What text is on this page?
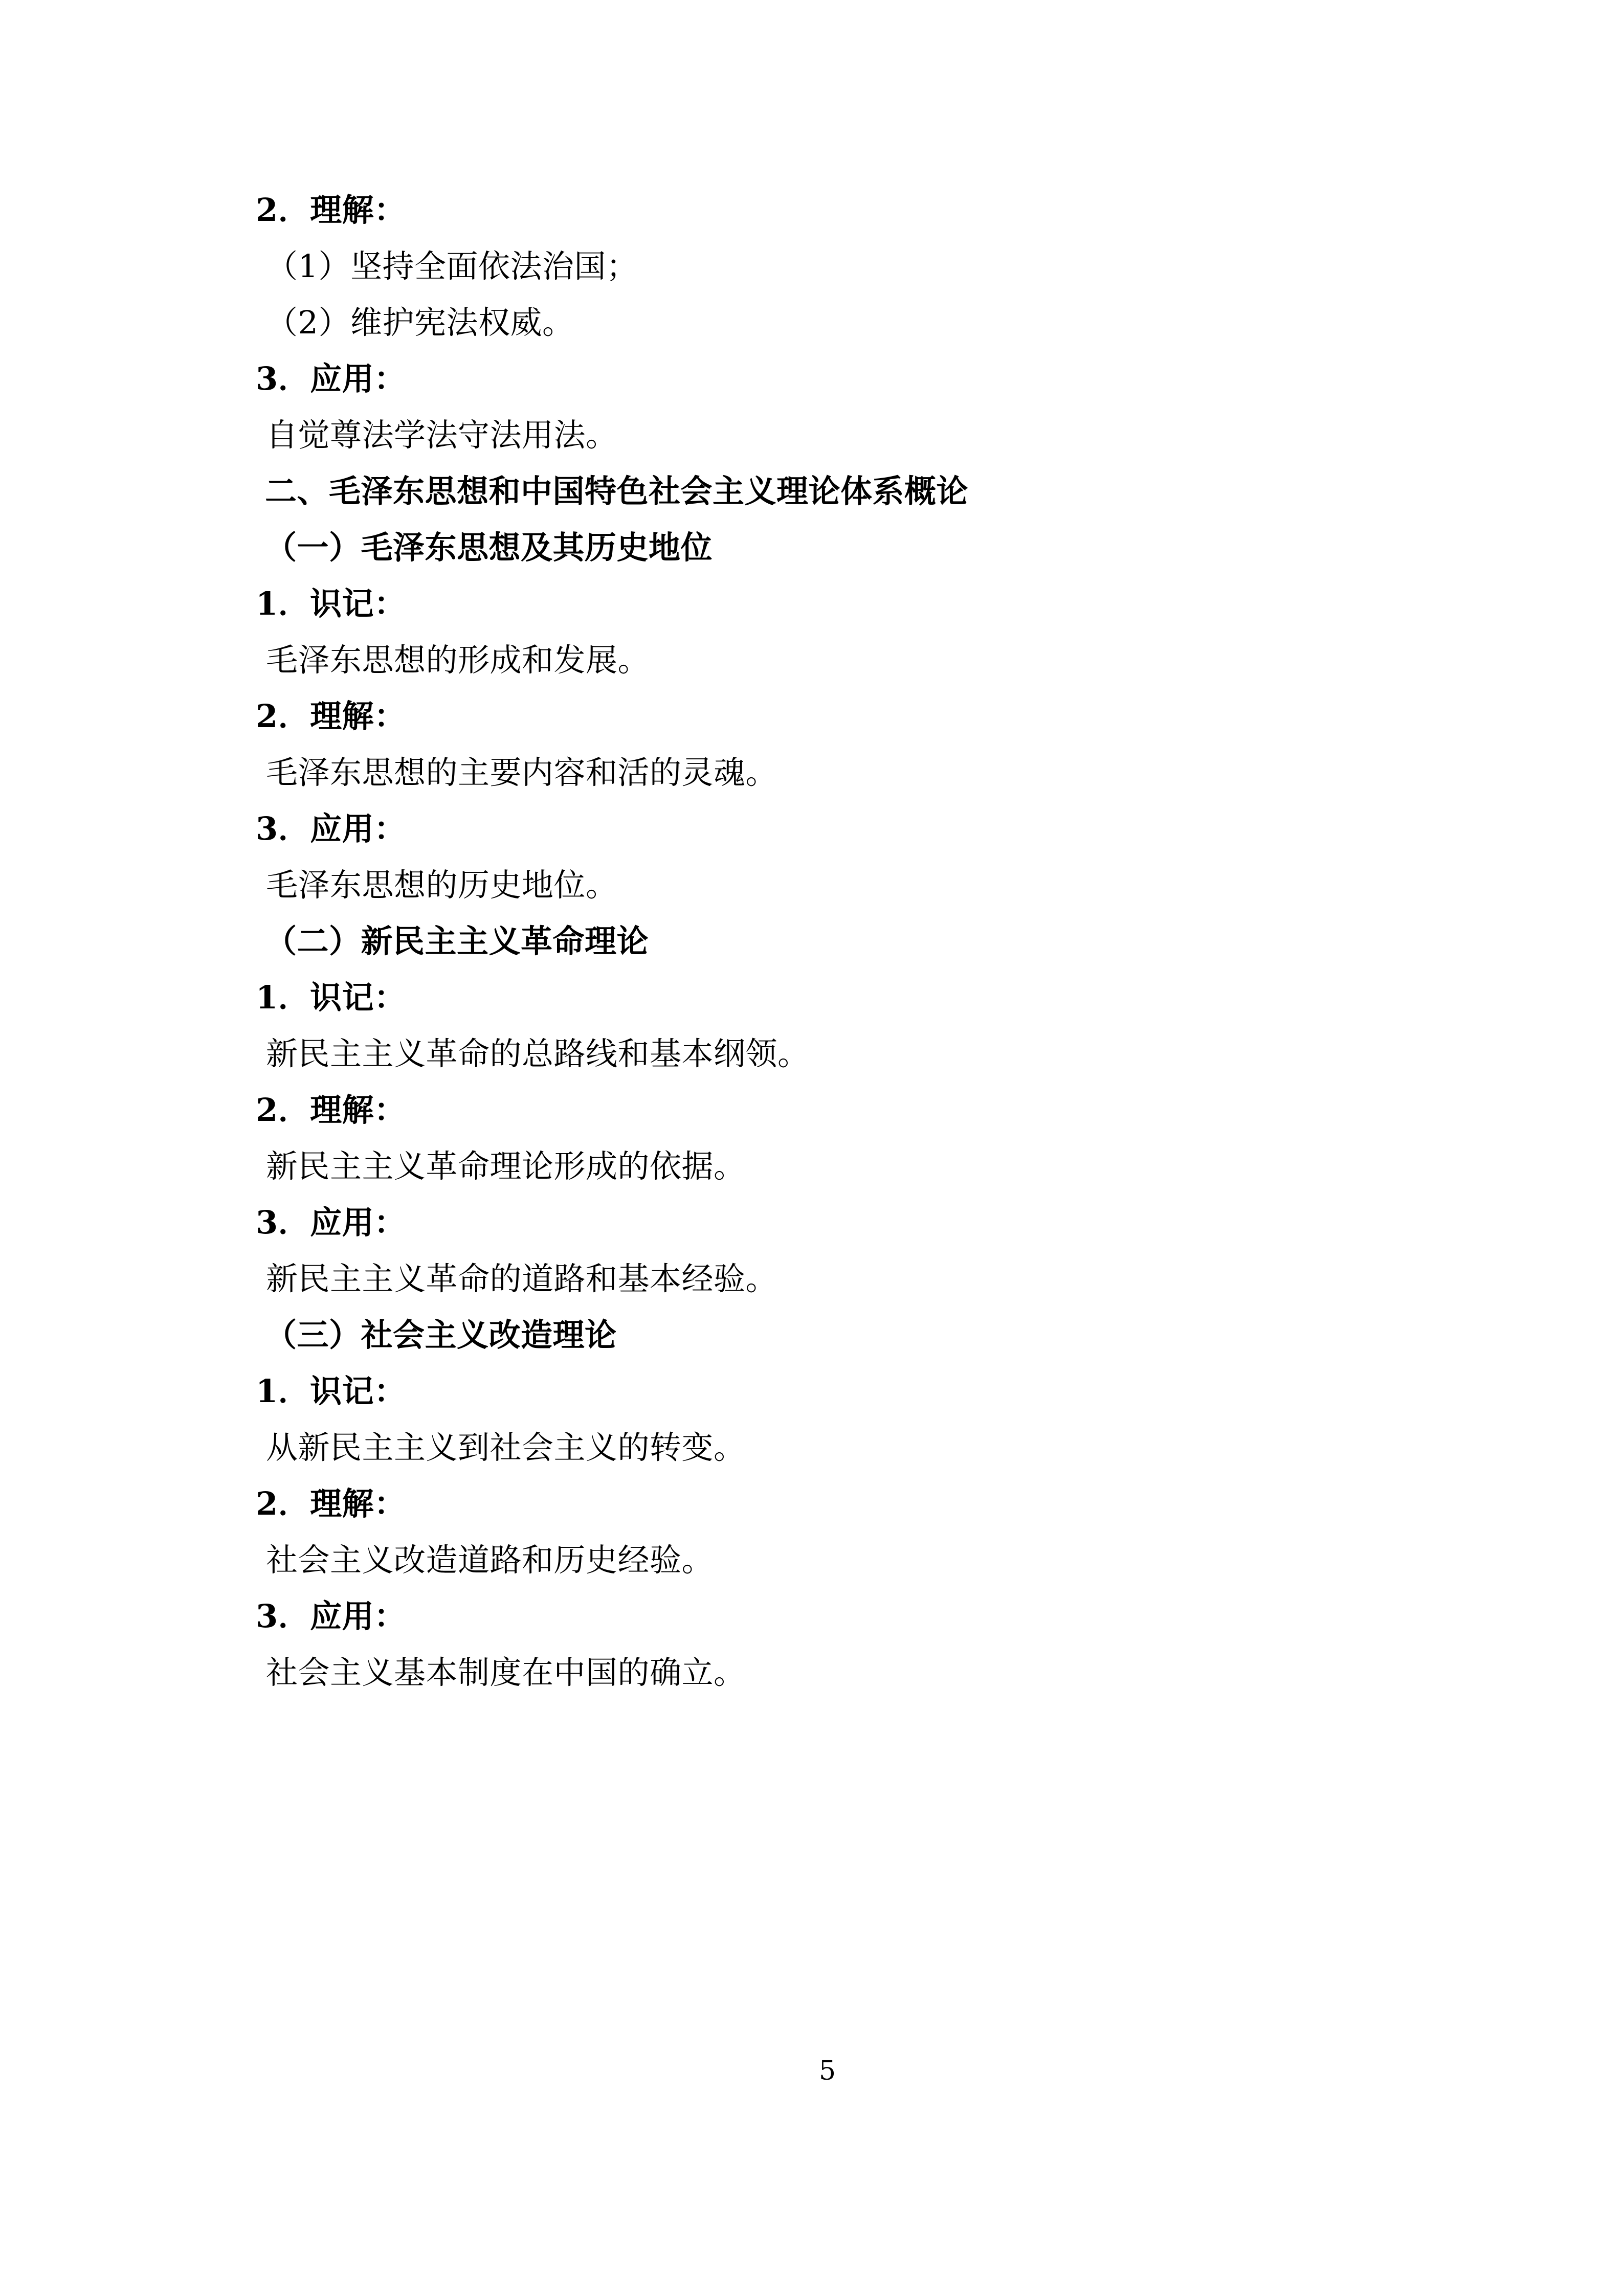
2．理解：
（1）坚持全面依法治国；
（2）维护宪法权威。
3．应用：
自觉尊法学法守法用法。
二、毛泽东思想和中国特色社会主义理论体系概论
（一）毛泽东思想及其历史地位
1．识记：
毛泽东思想的形成和发展。
2．理解：
毛泽东思想的主要内容和活的灵魂。
3．应用：
毛泽东思想的历史地位。
（二）新民主主义革命理论
1．识记：
新民主主义革命的总路线和基本纲领。
2．理解：
新民主主义革命理论形成的依据。
3．应用：
新民主主义革命的道路和基本经验。
（三）社会主义改造理论
1．识记：
从新民主主义到社会主义的转变。
2．理解：
社会主义改造道路和历史经验。
3．应用：
社会主义基本制度在中国的确立。
5
